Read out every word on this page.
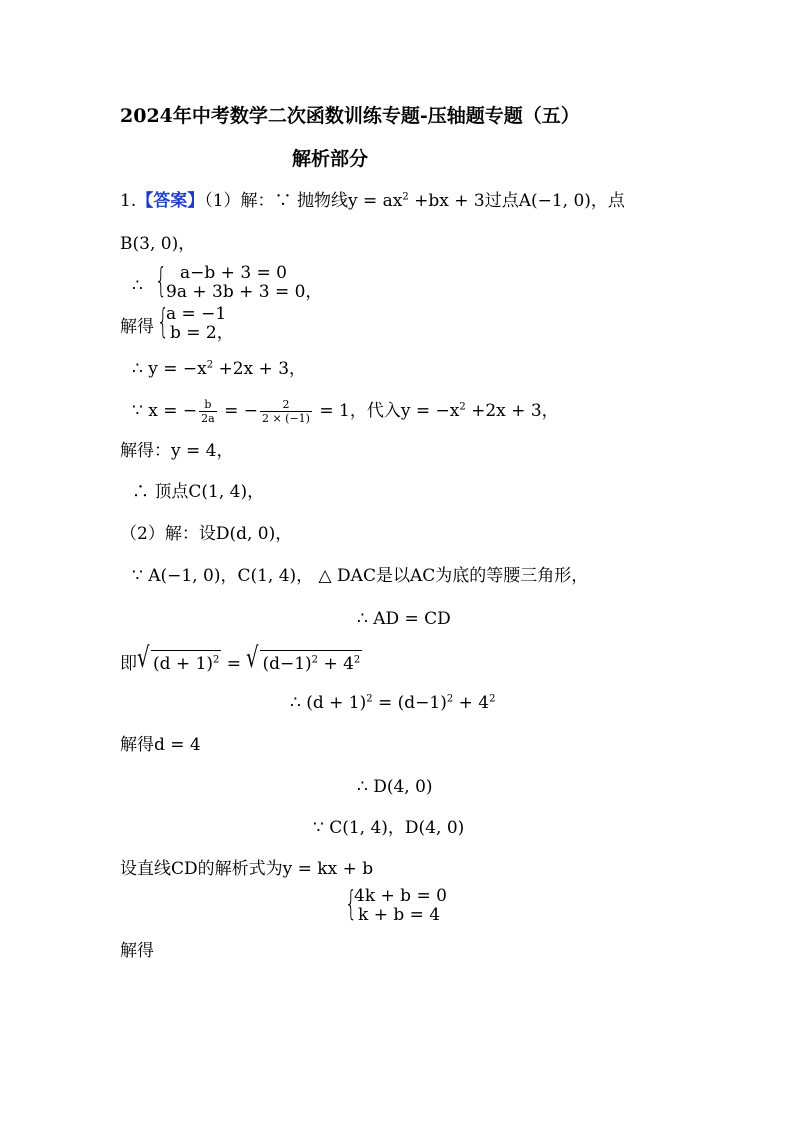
2024年中考数学二次函数训练专题-压轴题专题（五）
解析部分
1.【答案】（1）解：∵ 抛物线$y = ax^2 +bx + 3$过点A(−1, 0)，点
B(3, 0)，
∴ { a−b + 3 = 0
9a + 3b + 3 = 0，
解得 {
a = −1
b = 2，
∴ $y = -x^2 +2x + 3$，
∵ x = − $\frac{b}{2a}$ = − $\frac{2}{2 \times (-1)} = 1$，代入$y = -x^2 +2x + 3$，
解得：y = 4，
∴ 顶点C(1, 4)，
（2）解：设D(d, 0)，
∵ A(−1, 0)，C(1, 4)， △ DAC是以AC为底的等腰三角形，
∴ AD = CD
即 √ $(d + 1)^2$ = √ $(d-1)^2 + 4^2$
∴ $(d + 1)^2 = (d-1)^2 + 4^2$
解得d = 4
∴ D(4, 0)
∵ C(1, 4)，D(4, 0)
设直线CD的解析式为y = kx + b
{
4k + b = 0
k + b = 4
解得
